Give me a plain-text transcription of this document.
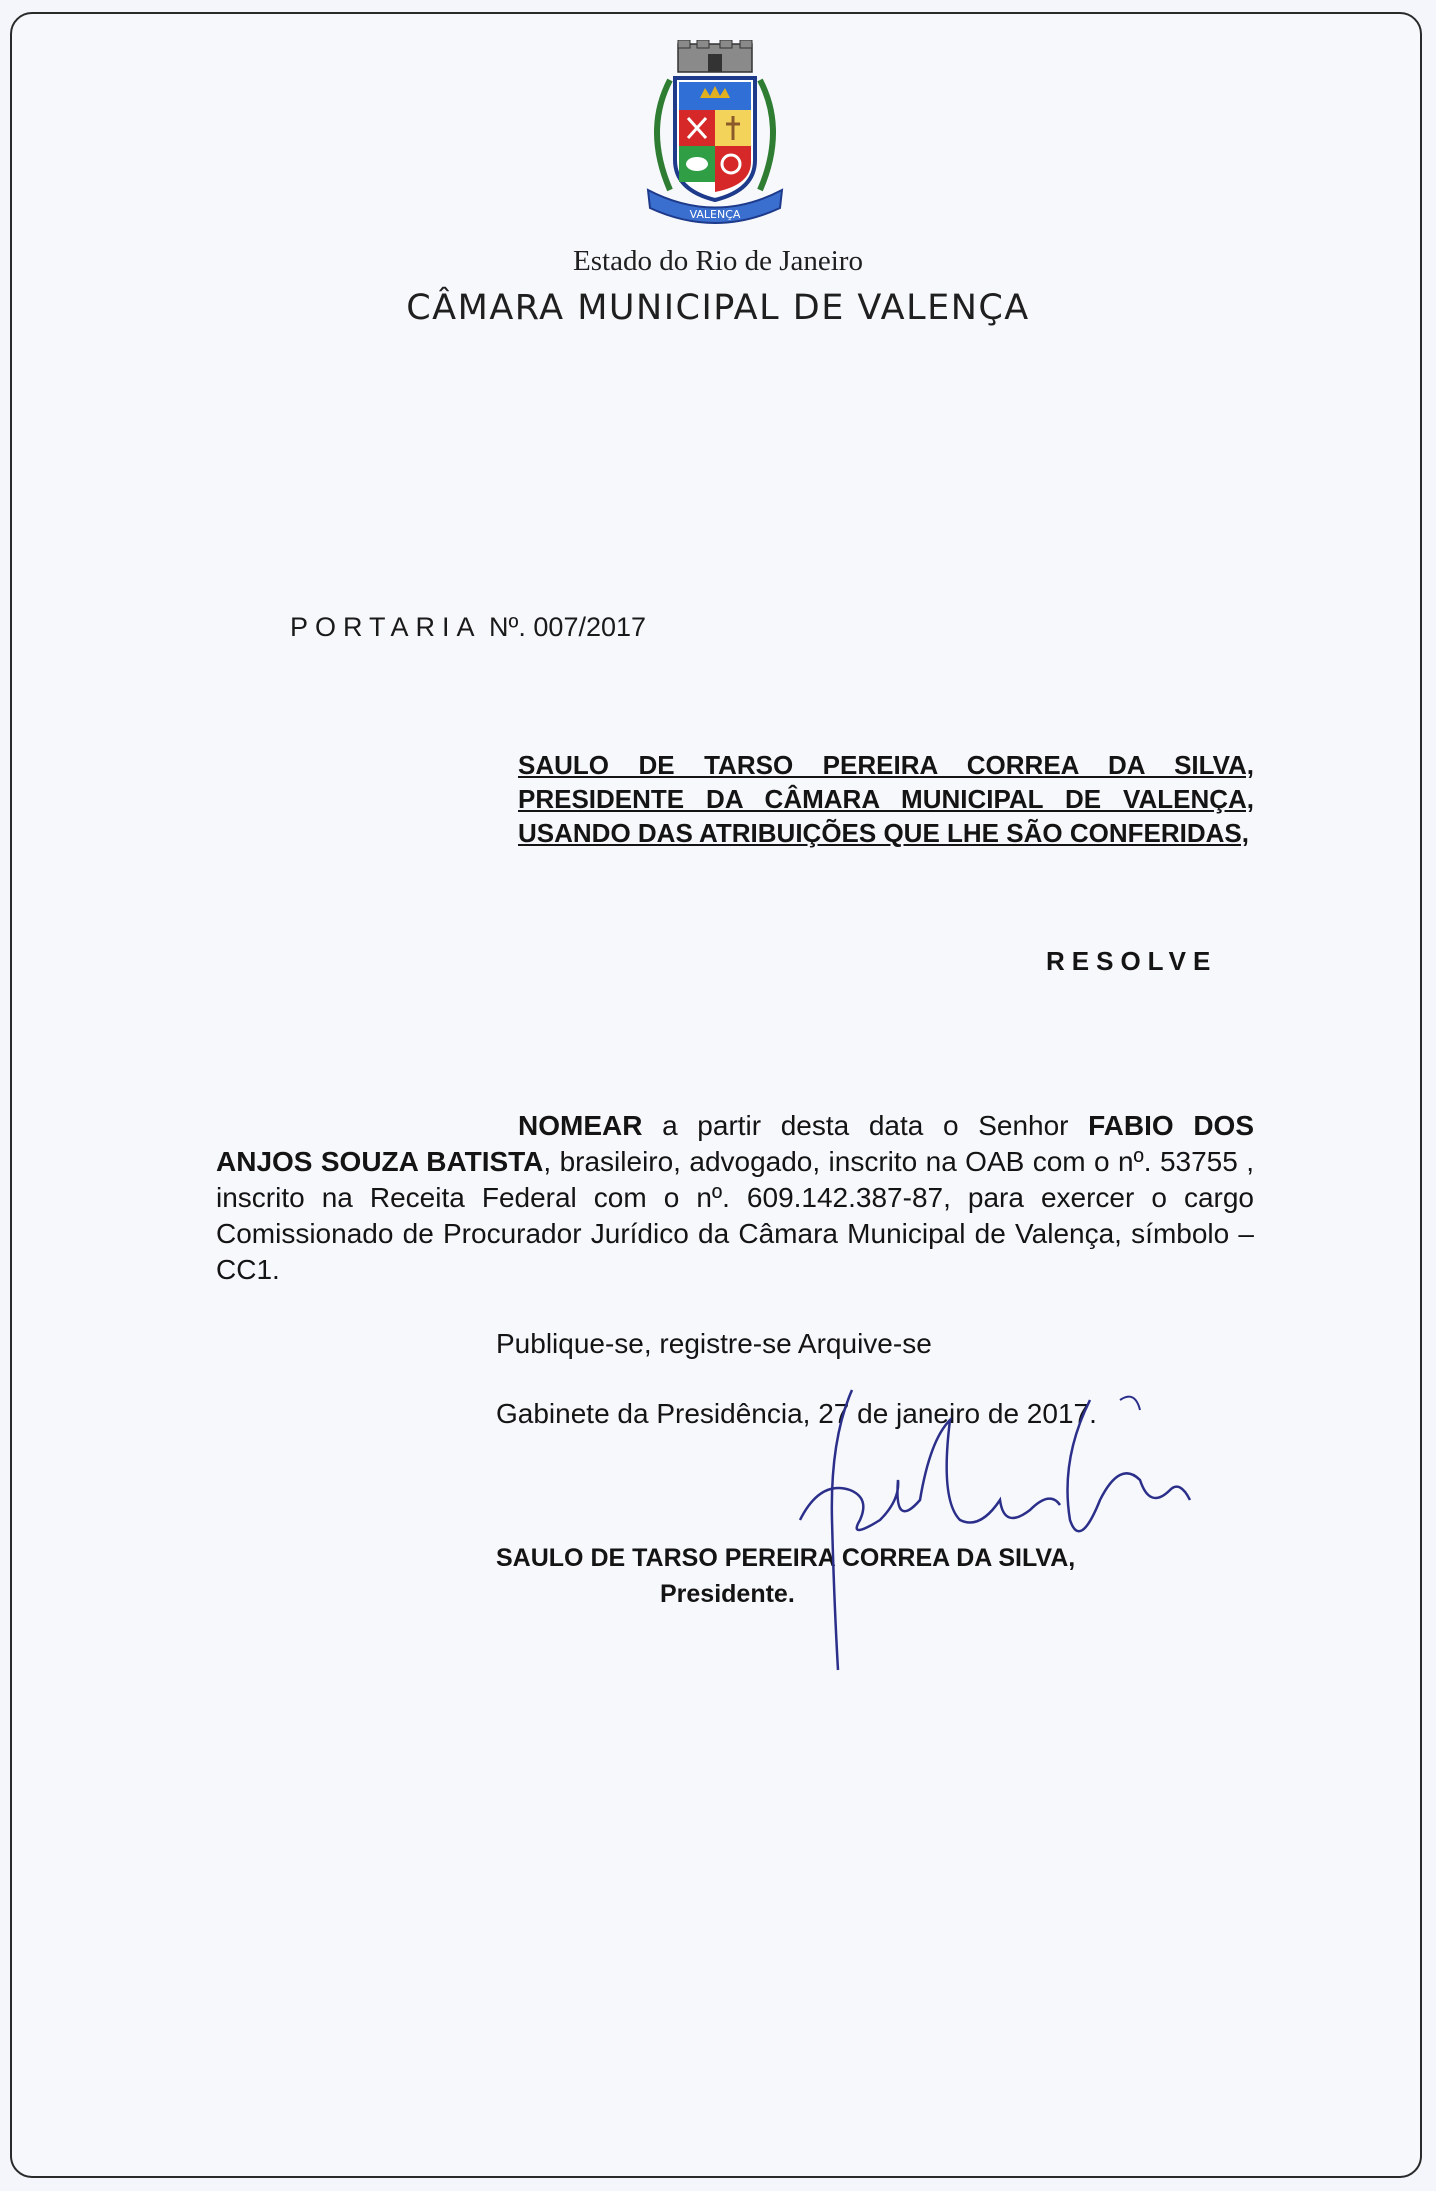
VALENÇA
Estado do Rio de Janeiro
CÂMARA MUNICIPAL DE VALENÇA
PORTARIA Nº. 007/2017
SAULO DE TARSO PEREIRA CORREA DA SILVA, PRESIDENTE DA CÂMARA MUNICIPAL DE VALENÇA, USANDO DAS ATRIBUIÇÕES QUE LHE SÃO CONFERIDAS,
RESOLVE
NOMEAR a partir desta data o Senhor FABIO DOS ANJOS SOUZA BATISTA, brasileiro, advogado, inscrito na OAB com o nº. 53755 , inscrito na Receita Federal com o nº. 609.142.387-87, para exercer o cargo Comissionado de Procurador Jurídico da Câmara Municipal de Valença, símbolo – CC1.
Publique-se, registre-se Arquive-se
Gabinete da Presidência, 27 de janeiro de 2017.
SAULO DE TARSO PEREIRA CORREA DA SILVA,
Presidente.
